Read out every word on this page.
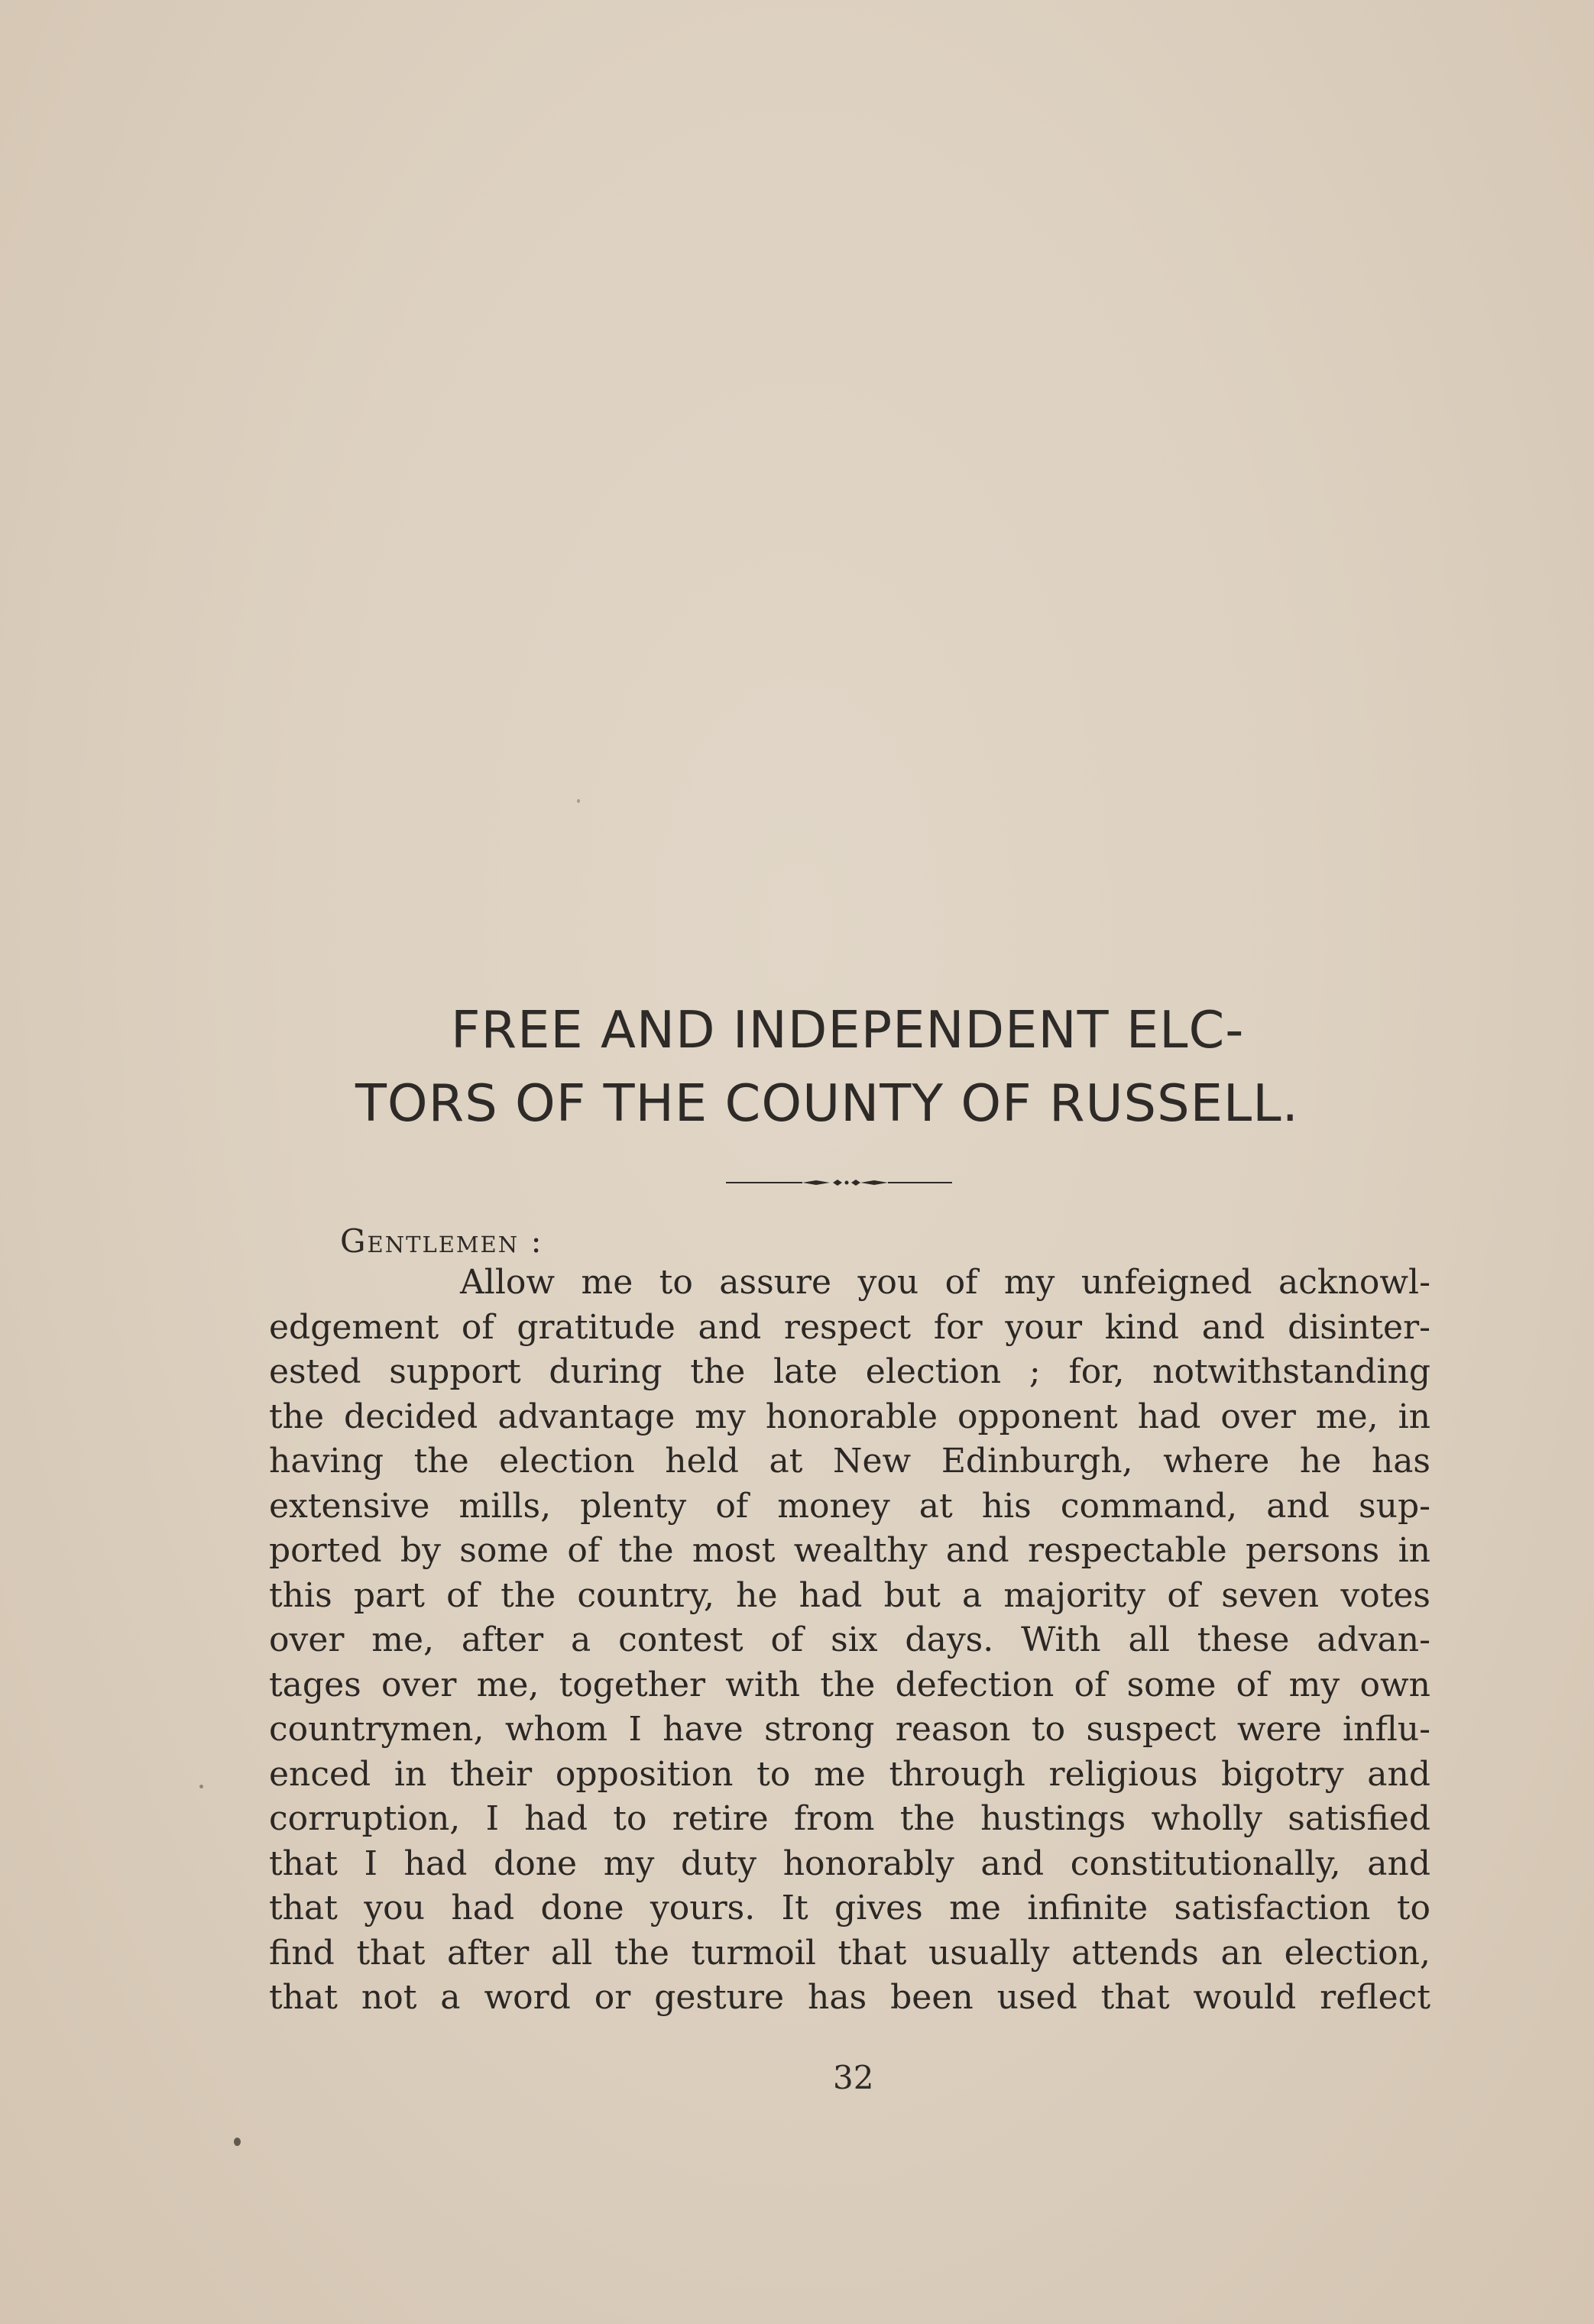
FREE AND INDEPENDENT ELC-
TORS OF THE COUNTY OF RUSSELL.

Gentlemen :

Allow me to assure you of my unfeigned acknowl-
edgement of gratitude and respect for your kind and disinter-
ested support during the late election ; for, notwithstanding
the decided advantage my honorable opponent had over me, in
having the election held at New Edinburgh, where he has
extensive mills, plenty of money at his command, and sup-
ported by some of the most wealthy and respectable persons in
this part of the country, he had but a majority of seven votes
over me, after a contest of six days. With all these advan-
tages over me, together with the defection of some of my own
countrymen, whom I have strong reason to suspect were influ-
enced in their opposition to me through religious bigotry and
corruption, I had to retire from the hustings wholly satisfied
that I had done my duty honorably and constitutionally, and
that you had done yours. It gives me infinite satisfaction to
find that after all the turmoil that usually attends an election,
that not a word or gesture has been used that would reflect

32
